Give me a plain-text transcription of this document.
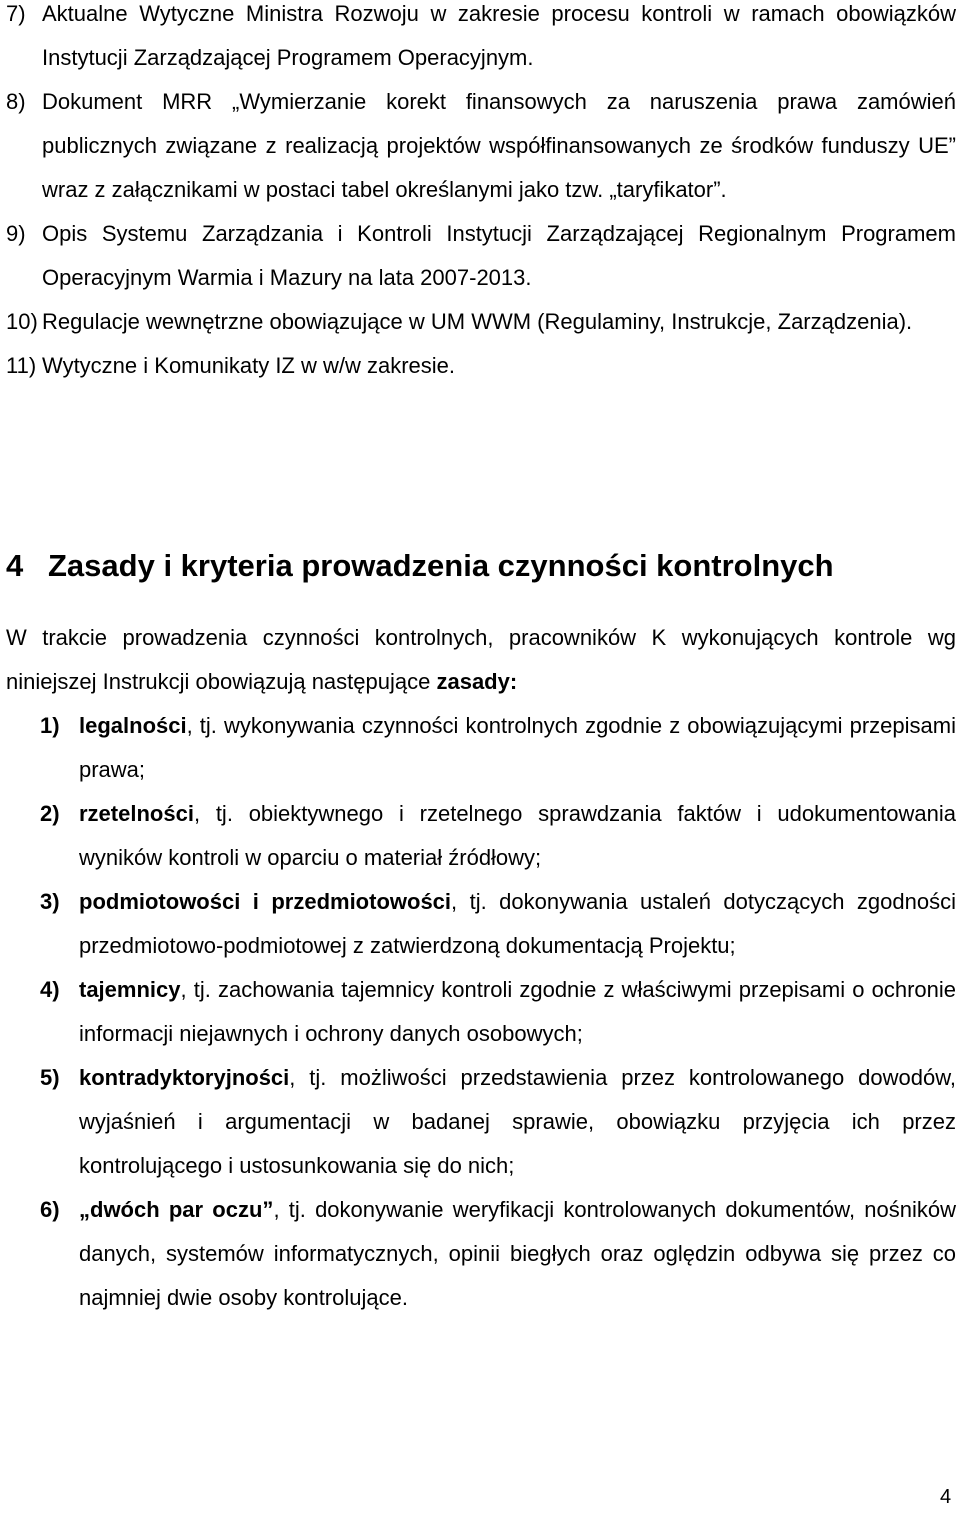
7) Aktualne Wytyczne Ministra Rozwoju w zakresie procesu kontroli w ramach obowiązków Instytucji Zarządzającej Programem Operacyjnym.
8) Dokument MRR „Wymierzanie korekt finansowych za naruszenia prawa zamówień publicznych związane z realizacją projektów współfinansowanych ze środków funduszy UE” wraz z załącznikami w postaci tabel określanymi jako tzw. „taryfikator”.
9) Opis Systemu Zarządzania i Kontroli Instytucji Zarządzającej Regionalnym Programem Operacyjnym Warmia i Mazury na lata 2007-2013.
10) Regulacje wewnętrzne obowiązujące w UM WWM (Regulaminy, Instrukcje, Zarządzenia).
11) Wytyczne i Komunikaty IZ w w/w zakresie.
4 Zasady i kryteria prowadzenia czynności kontrolnych
W trakcie prowadzenia czynności kontrolnych, pracowników K wykonujących kontrole wg niniejszej Instrukcji obowiązują następujące zasady:
1) legalności, tj. wykonywania czynności kontrolnych zgodnie z obowiązującymi przepisami prawa;
2) rzetelności, tj. obiektywnego i rzetelnego sprawdzania faktów i udokumentowania wyników kontroli w oparciu o materiał źródłowy;
3) podmiotowości i przedmiotowości, tj. dokonywania ustaleń dotyczących zgodności przedmiotowo-podmiotowej z zatwierdzoną dokumentacją Projektu;
4) tajemnicy, tj. zachowania tajemnicy kontroli zgodnie z właściwymi przepisami o ochronie informacji niejawnych i ochrony danych osobowych;
5) kontradyktoryjności, tj. możliwości przedstawienia przez kontrolowanego dowodów, wyjaśnień i argumentacji w badanej sprawie, obowiązku przyjęcia ich przez kontrolującego i ustosunkowania się do nich;
6) „dwóch par oczu”, tj. dokonywanie weryfikacji kontrolowanych dokumentów, nośników danych, systemów informatycznych, opinii biegłych oraz oględzin odbywa się przez co najmniej dwie osoby kontrolujące.
4
